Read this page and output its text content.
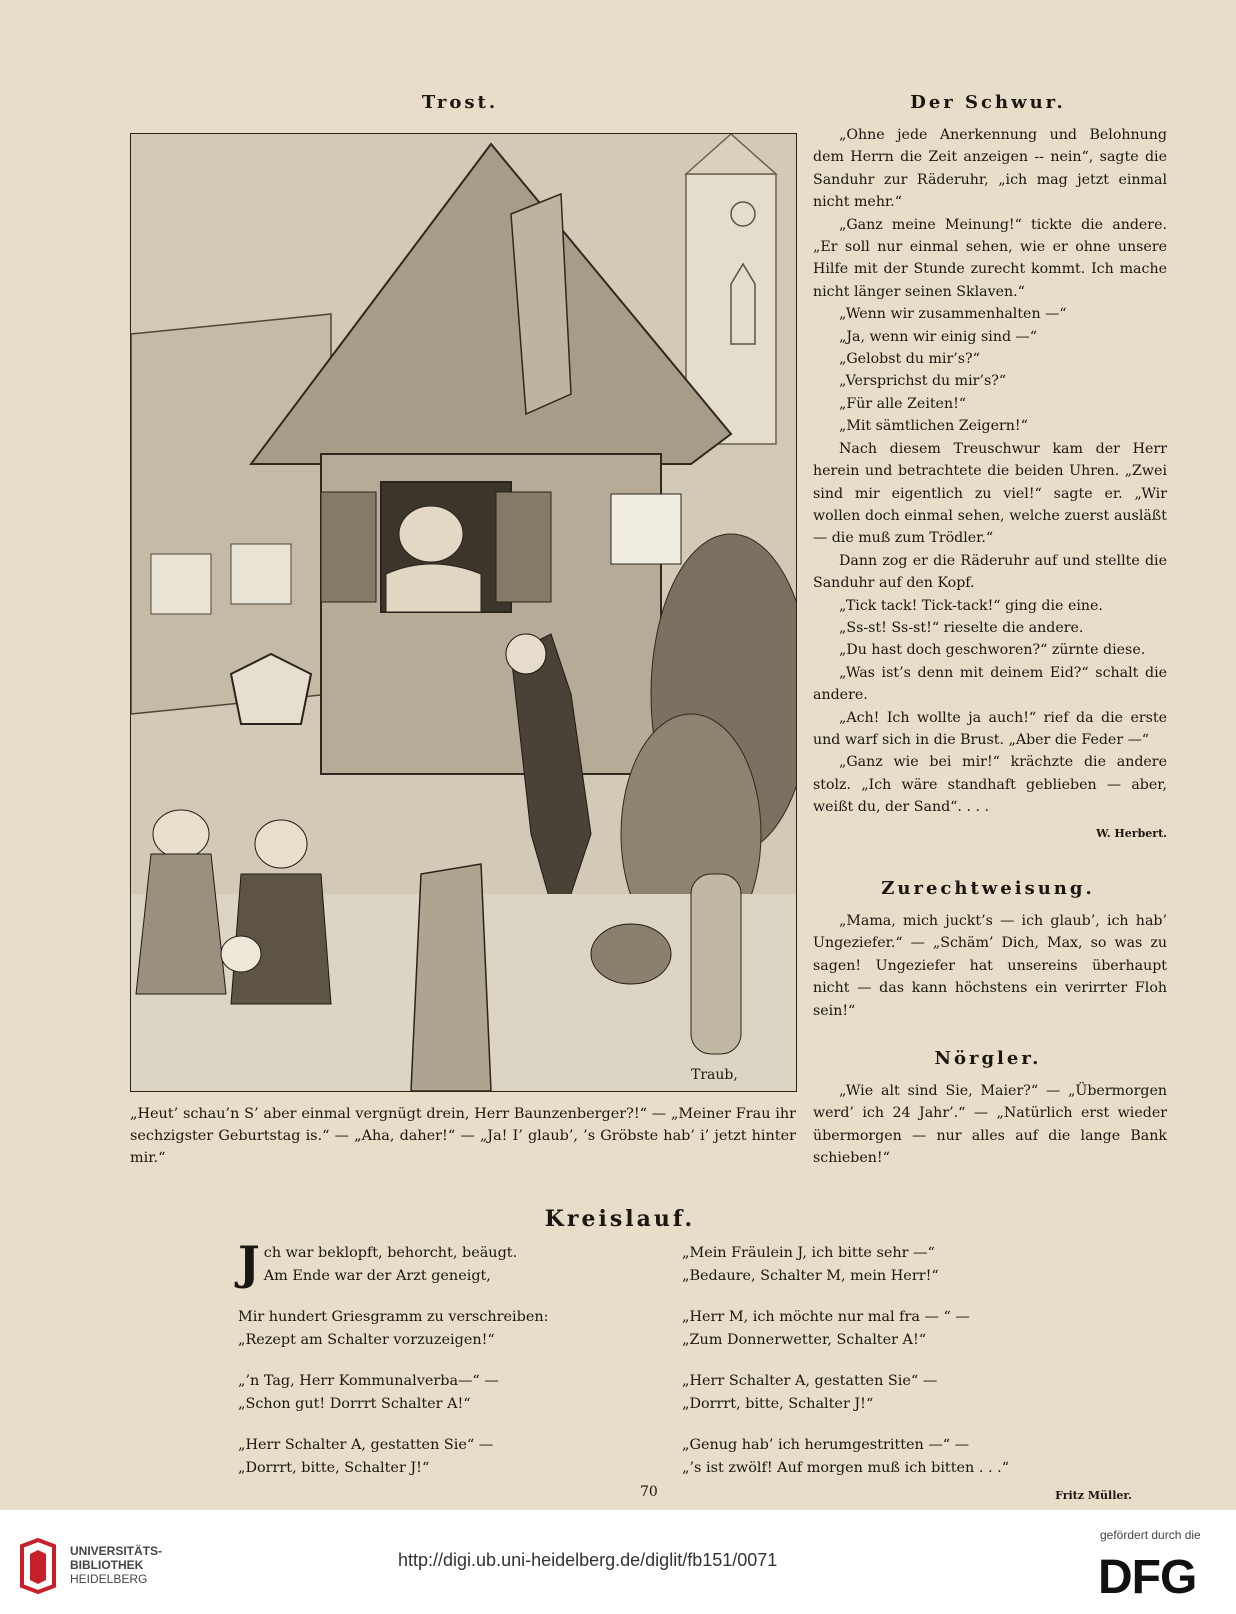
Trost.
Traub,
„Heut’ schau’n S’ aber einmal vergnügt drein, Herr Baunzenberger?!“ — „Meiner Frau ihr sechzigster Geburtstag is.“ — „Aha, daher!“ — „Ja! I’ glaub’, ’s Gröbste hab’ i’ jetzt hinter mir.“
Der Schwur.

„Ohne jede Anerkennung und Belohnung dem Herrn die Zeit anzeigen -- nein“, sagte die Sanduhr zur Räderuhr, „ich mag jetzt einmal nicht mehr.“

„Ganz meine Meinung!“ tickte die andere. „Er soll nur einmal sehen, wie er ohne unsere Hilfe mit der Stunde zurecht kommt. Ich mache nicht länger seinen Sklaven.“

„Wenn wir zusammenhalten —“

„Ja, wenn wir einig sind —“

„Gelobst du mir’s?“

„Versprichst du mir’s?“

„Für alle Zeiten!“

„Mit sämtlichen Zeigern!“

Nach diesem Treuschwur kam der Herr herein und betrachtete die beiden Uhren. „Zwei sind mir eigentlich zu viel!“ sagte er. „Wir wollen doch einmal sehen, welche zuerst ausläßt — die muß zum Trödler.“

Dann zog er die Räderuhr auf und stellte die Sanduhr auf den Kopf.

„Tick tack! Tick-tack!“ ging die eine.

„Ss-st! Ss-st!“ rieselte die andere.

„Du hast doch geschworen?“ zürnte diese.

„Was ist’s denn mit deinem Eid?“ schalt die andere.

„Ach! Ich wollte ja auch!“ rief da die erste und warf sich in die Brust. „Aber die Feder —“

„Ganz wie bei mir!“ krächzte die andere stolz. „Ich wäre standhaft geblieben — aber, weißt du, der Sand“. . . .

W. Herbert.
Zurechtweisung.

„Mama, mich juckt’s — ich glaub’, ich hab’ Ungeziefer.“ — „Schäm’ Dich, Max, so was zu sagen! Ungeziefer hat unsereins überhaupt nicht — das kann höchstens ein verirrter Floh sein!“

Nörgler.

„Wie alt sind Sie, Maier?“ — „Übermorgen werd’ ich 24 Jahr’.“ — „Natürlich erst wieder übermorgen — nur alles auf die lange Bank schieben!“

Kreislauf.
J ch war beklopft, behorcht, beäugt.
Am Ende war der Arzt geneigt,
Mir hundert Griesgramm zu verschreiben:
„Rezept am Schalter vorzuzeigen!“
„’n Tag, Herr Kommunalverba—“ —
„Schon gut! Dorrrt Schalter A!“
„Herr Schalter A, gestatten Sie“ —
„Dorrrt, bitte, Schalter J!“
„Mein Fräulein J, ich bitte sehr —“
„Bedaure, Schalter M, mein Herr!“
„Herr M, ich möchte nur mal fra — “ —
„Zum Donnerwetter, Schalter A!“
„Herr Schalter A, gestatten Sie“ —
„Dorrrt, bitte, Schalter J!“
„Genug hab’ ich herumgestritten —“ —
„’s ist zwölf! Auf morgen muß ich bitten . . .“
Fritz Müller.
70
UNIVERSITÄTS-
BIBLIOTHEK
HEIDELBERG
http://digi.ub.uni-heidelberg.de/diglit/fb151/0071
gefördert durch die
DFG
